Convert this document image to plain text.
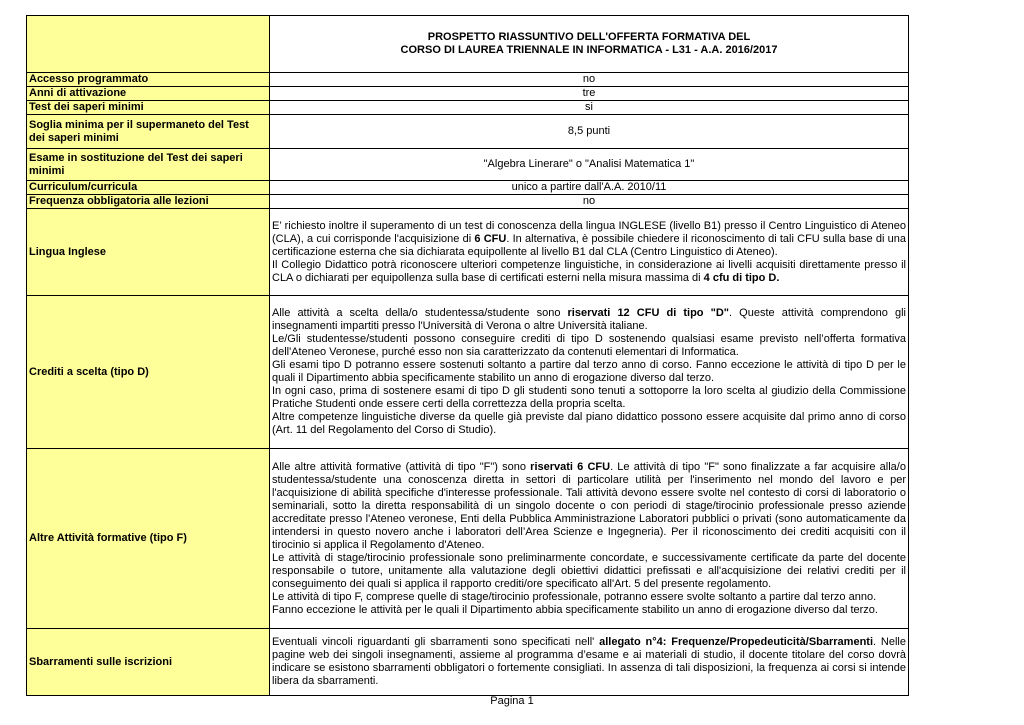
	PROSPETTO RIASSUNTIVO DELL'OFFERTA FORMATIVA DEL
CORSO DI LAUREA TRIENNALE IN INFORMATICA - L31 - A.A. 2016/2017

Accesso programmato	no
Anni di attivazione	tre
Test dei saperi minimi	si
Soglia minima per il supermaneto del Test dei saperi minimi	8,5 punti
Esame in sostituzione del Test dei saperi minimi	"Algebra Linerare" o "Analisi Matematica 1"
Curriculum/curricula	unico a partire dall'A.A. 2010/11
Frequenza obbligatoria alle lezioni	no
Lingua Inglese	E’ richiesto inoltre il superamento di un test di conoscenza della lingua INGLESE (livello B1) presso il Centro Linguistico di Ateneo (CLA), a cui corrisponde l'acquisizione di 6 CFU. In alternativa, è possibile chiedere il riconoscimento di tali CFU sulla base di una certificazione esterna che sia dichiarata equipollente al livello B1 dal CLA (Centro Linguistico di Ateneo).

Il Collegio Didattico potrà riconoscere ulteriori competenze linguistiche, in considerazione ai livelli acquisiti direttamente presso il CLA o dichiarati per equipollenza sulla base di certificati esterni nella misura massima di 4 cfu di tipo D.

Crediti a scelta (tipo D)	Alle attività a scelta della/o studentessa/studente sono riservati 12 CFU di tipo "D". Queste attività comprendono gli insegnamenti impartiti presso l'Università di Verona o altre Università italiane.

Le/Gli studentesse/studenti possono conseguire crediti di tipo D sostenendo qualsiasi esame previsto nell’offerta formativa dell'Ateneo Veronese, purché esso non sia caratterizzato da contenuti elementari di Informatica.

Gli esami tipo D potranno essere sostenuti soltanto a partire dal terzo anno di corso. Fanno eccezione le attività di tipo D per le quali il Dipartimento abbia specificamente stabilito un anno di erogazione diverso dal terzo.

In ogni caso, prima di sostenere esami di tipo D gli studenti sono tenuti a sottoporre la loro scelta al giudizio della Commissione Pratiche Studenti onde essere certi della correttezza della propria scelta.

Altre competenze linguistiche diverse da quelle già previste dal piano didattico possono essere acquisite dal primo anno di corso (Art. 11 del Regolamento del Corso di Studio).

Altre Attività formative (tipo F)	Alle altre attività formative (attività di tipo "F") sono riservati 6 CFU. Le attività di tipo "F" sono finalizzate a far acquisire alla/o studentessa/studente una conoscenza diretta in settori di particolare utilità per l'inserimento nel mondo del lavoro e per l'acquisizione di abilità specifiche d'interesse professionale. Tali attività devono essere svolte nel contesto di corsi di laboratorio o seminariali, sotto la diretta responsabilità di un singolo docente o con periodi di stage/tirocinio professionale presso aziende accreditate presso l'Ateneo veronese, Enti della Pubblica Amministrazione Laboratori pubblici o privati (sono automaticamente da intendersi in questo novero anche i laboratori dell’Area Scienze e Ingegneria). Per il riconoscimento dei crediti acquisiti con il tirocinio si applica il Regolamento d'Ateneo.

Le attività di stage/tirocinio professionale sono preliminarmente concordate, e successivamente certificate da parte del docente responsabile o tutore, unitamente alla valutazione degli obiettivi didattici prefissati e all'acquisizione dei relativi crediti per il conseguimento dei quali si applica il rapporto crediti/ore specificato all'Art. 5 del presente regolamento.

Le attività di tipo F, comprese quelle di stage/tirocinio professionale, potranno essere svolte soltanto a partire dal terzo anno.

Fanno eccezione le attività per le quali il Dipartimento abbia specificamente stabilito un anno di erogazione diverso dal terzo.

Sbarramenti sulle iscrizioni	Eventuali vincoli riguardanti gli sbarramenti sono specificati nell' allegato n°4: Frequenze/Propedeuticità/Sbarramenti. Nelle pagine web dei singoli insegnamenti, assieme al programma d’esame e ai materiali di studio, il docente titolare del corso dovrà indicare se esistono sbarramenti obbligatori o fortemente consigliati. In assenza di tali disposizioni, la frequenza ai corsi si intende libera da sbarramenti.

Pagina 1
